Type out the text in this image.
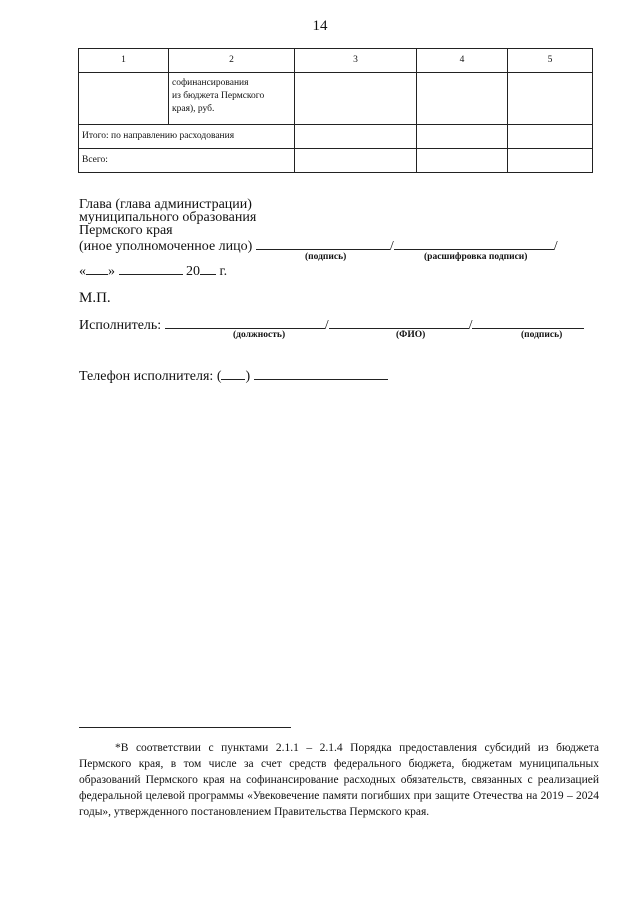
14
1	2	3	4	5

	софинансирования
из бюджета Пермского
края), руб.			

Итого: по направлению расходования				
Всего:				
Глава (глава администрации)
муниципального образования
Пермского края
(иное уполномоченное лицо)	/	/
(подпись)	(расшифровка подписи)
« »	20 г.
М.П.
Исполнитель:	/	/
(должность)	(ФИО)	(подпись)
Телефон исполнителя: ( )
*В соответствии с пунктами 2.1.1 – 2.1.4 Порядка предоставления субсидий из бюджета Пермского края, в том числе за счет средств федерального бюджета, бюджетам муниципальных образований Пермского края на софинансирование расходных обязательств, связанных с реализацией федеральной целевой программы «Увековечение памяти погибших при защите Отечества на 2019 – 2024 годы», утвержденного постановлением Правительства Пермского края.
